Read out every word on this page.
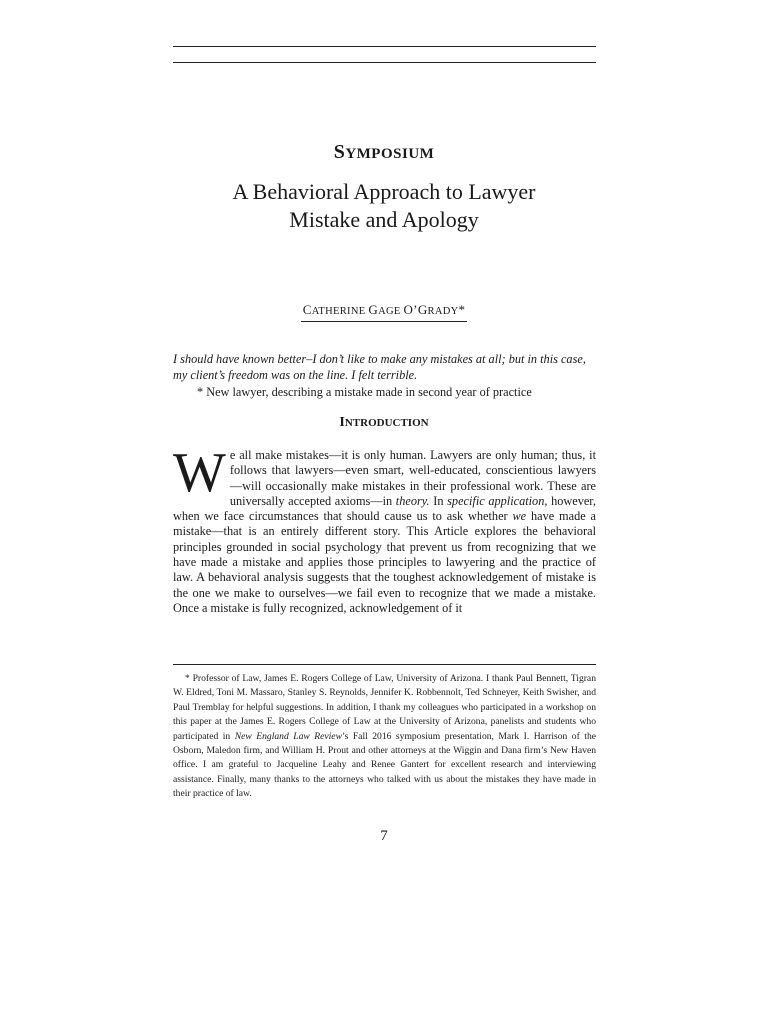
SYMPOSIUM
A Behavioral Approach to Lawyer
Mistake and Apology
CATHERINE GAGE O’GRADY*
I should have known better–I don’t like to make any mistakes at all; but in this case, my client’s freedom was on the line. I felt terrible.
* New lawyer, describing a mistake made in second year of practice
INTRODUCTION
We all make mistakes—it is only human. Lawyers are only human; thus, it follows that lawyers—even smart, well-educated, conscientious lawyers—will occasionally make mistakes in their professional work. These are universally accepted axioms—in theory. In specific application, however, when we face circumstances that should cause us to ask whether we have made a mistake—that is an entirely different story. This Article explores the behavioral principles grounded in social psychology that prevent us from recognizing that we have made a mistake and applies those principles to lawyering and the practice of law. A behavioral analysis suggests that the toughest acknowledgement of mistake is the one we make to ourselves—we fail even to recognize that we made a mistake. Once a mistake is fully recognized, acknowledgement of it
* Professor of Law, James E. Rogers College of Law, University of Arizona. I thank Paul Bennett, Tigran W. Eldred, Toni M. Massaro, Stanley S. Reynolds, Jennifer K. Robbennolt, Ted Schneyer, Keith Swisher, and Paul Tremblay for helpful suggestions. In addition, I thank my colleagues who participated in a workshop on this paper at the James E. Rogers College of Law at the University of Arizona, panelists and students who participated in New England Law Review’s Fall 2016 symposium presentation, Mark I. Harrison of the Osborn, Maledon firm, and William H. Prout and other attorneys at the Wiggin and Dana firm’s New Haven office. I am grateful to Jacqueline Leahy and Renee Gantert for excellent research and interviewing assistance. Finally, many thanks to the attorneys who talked with us about the mistakes they have made in their practice of law.
7
